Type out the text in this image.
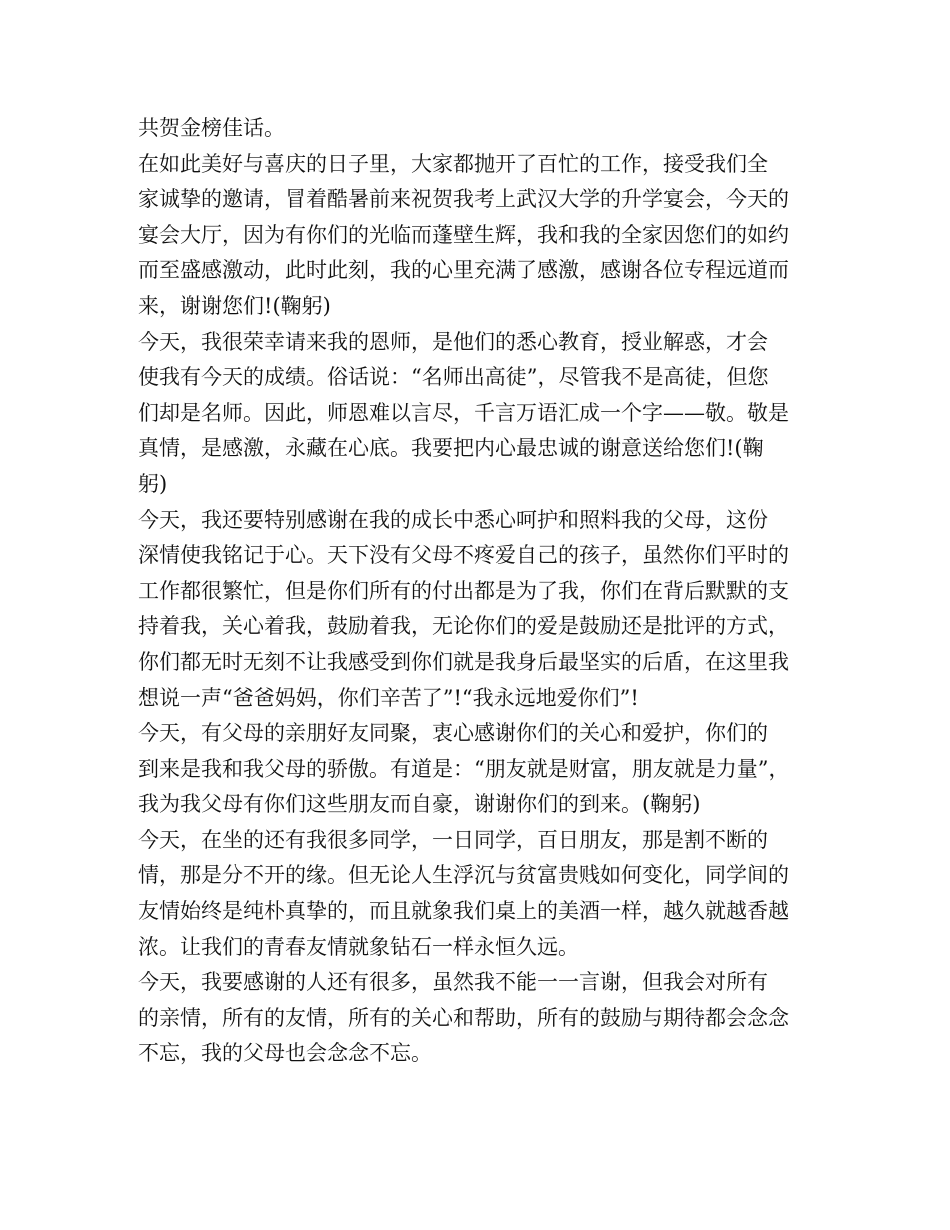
共贺金榜佳话。
在如此美好与喜庆的日子里，大家都抛开了百忙的工作，接受我们全
家诚挚的邀请，冒着酷暑前来祝贺我考上武汉大学的升学宴会，今天的
宴会大厅，因为有你们的光临而蓬壁生辉，我和我的全家因您们的如约
而至盛感激动，此时此刻，我的心里充满了感激，感谢各位专程远道而
来，谢谢您们!(鞠躬)
今天，我很荣幸请来我的恩师，是他们的悉心教育，授业解惑，才会
使我有今天的成绩。俗话说：“名师出高徒”，尽管我不是高徒，但您
们却是名师。因此，师恩难以言尽，千言万语汇成一个字——敬。敬是
真情，是感激，永藏在心底。我要把内心最忠诚的谢意送给您们!(鞠
躬)
今天，我还要特别感谢在我的成长中悉心呵护和照料我的父母，这份
深情使我铭记于心。天下没有父母不疼爱自己的孩子，虽然你们平时的
工作都很繁忙，但是你们所有的付出都是为了我，你们在背后默默的支
持着我，关心着我，鼓励着我，无论你们的爱是鼓励还是批评的方式，
你们都无时无刻不让我感受到你们就是我身后最坚实的后盾，在这里我
想说一声“爸爸妈妈，你们辛苦了”!“我永远地爱你们”!
今天，有父母的亲朋好友同聚，衷心感谢你们的关心和爱护，你们的
到来是我和我父母的骄傲。有道是：“朋友就是财富，朋友就是力量”，
我为我父母有你们这些朋友而自豪，谢谢你们的到来。(鞠躬)
今天，在坐的还有我很多同学，一日同学，百日朋友，那是割不断的
情，那是分不开的缘。但无论人生浮沉与贫富贵贱如何变化，同学间的
友情始终是纯朴真挚的，而且就象我们桌上的美酒一样，越久就越香越
浓。让我们的青春友情就象钻石一样永恒久远。
今天，我要感谢的人还有很多，虽然我不能一一言谢，但我会对所有
的亲情，所有的友情，所有的关心和帮助，所有的鼓励与期待都会念念
不忘，我的父母也会念念不忘。
